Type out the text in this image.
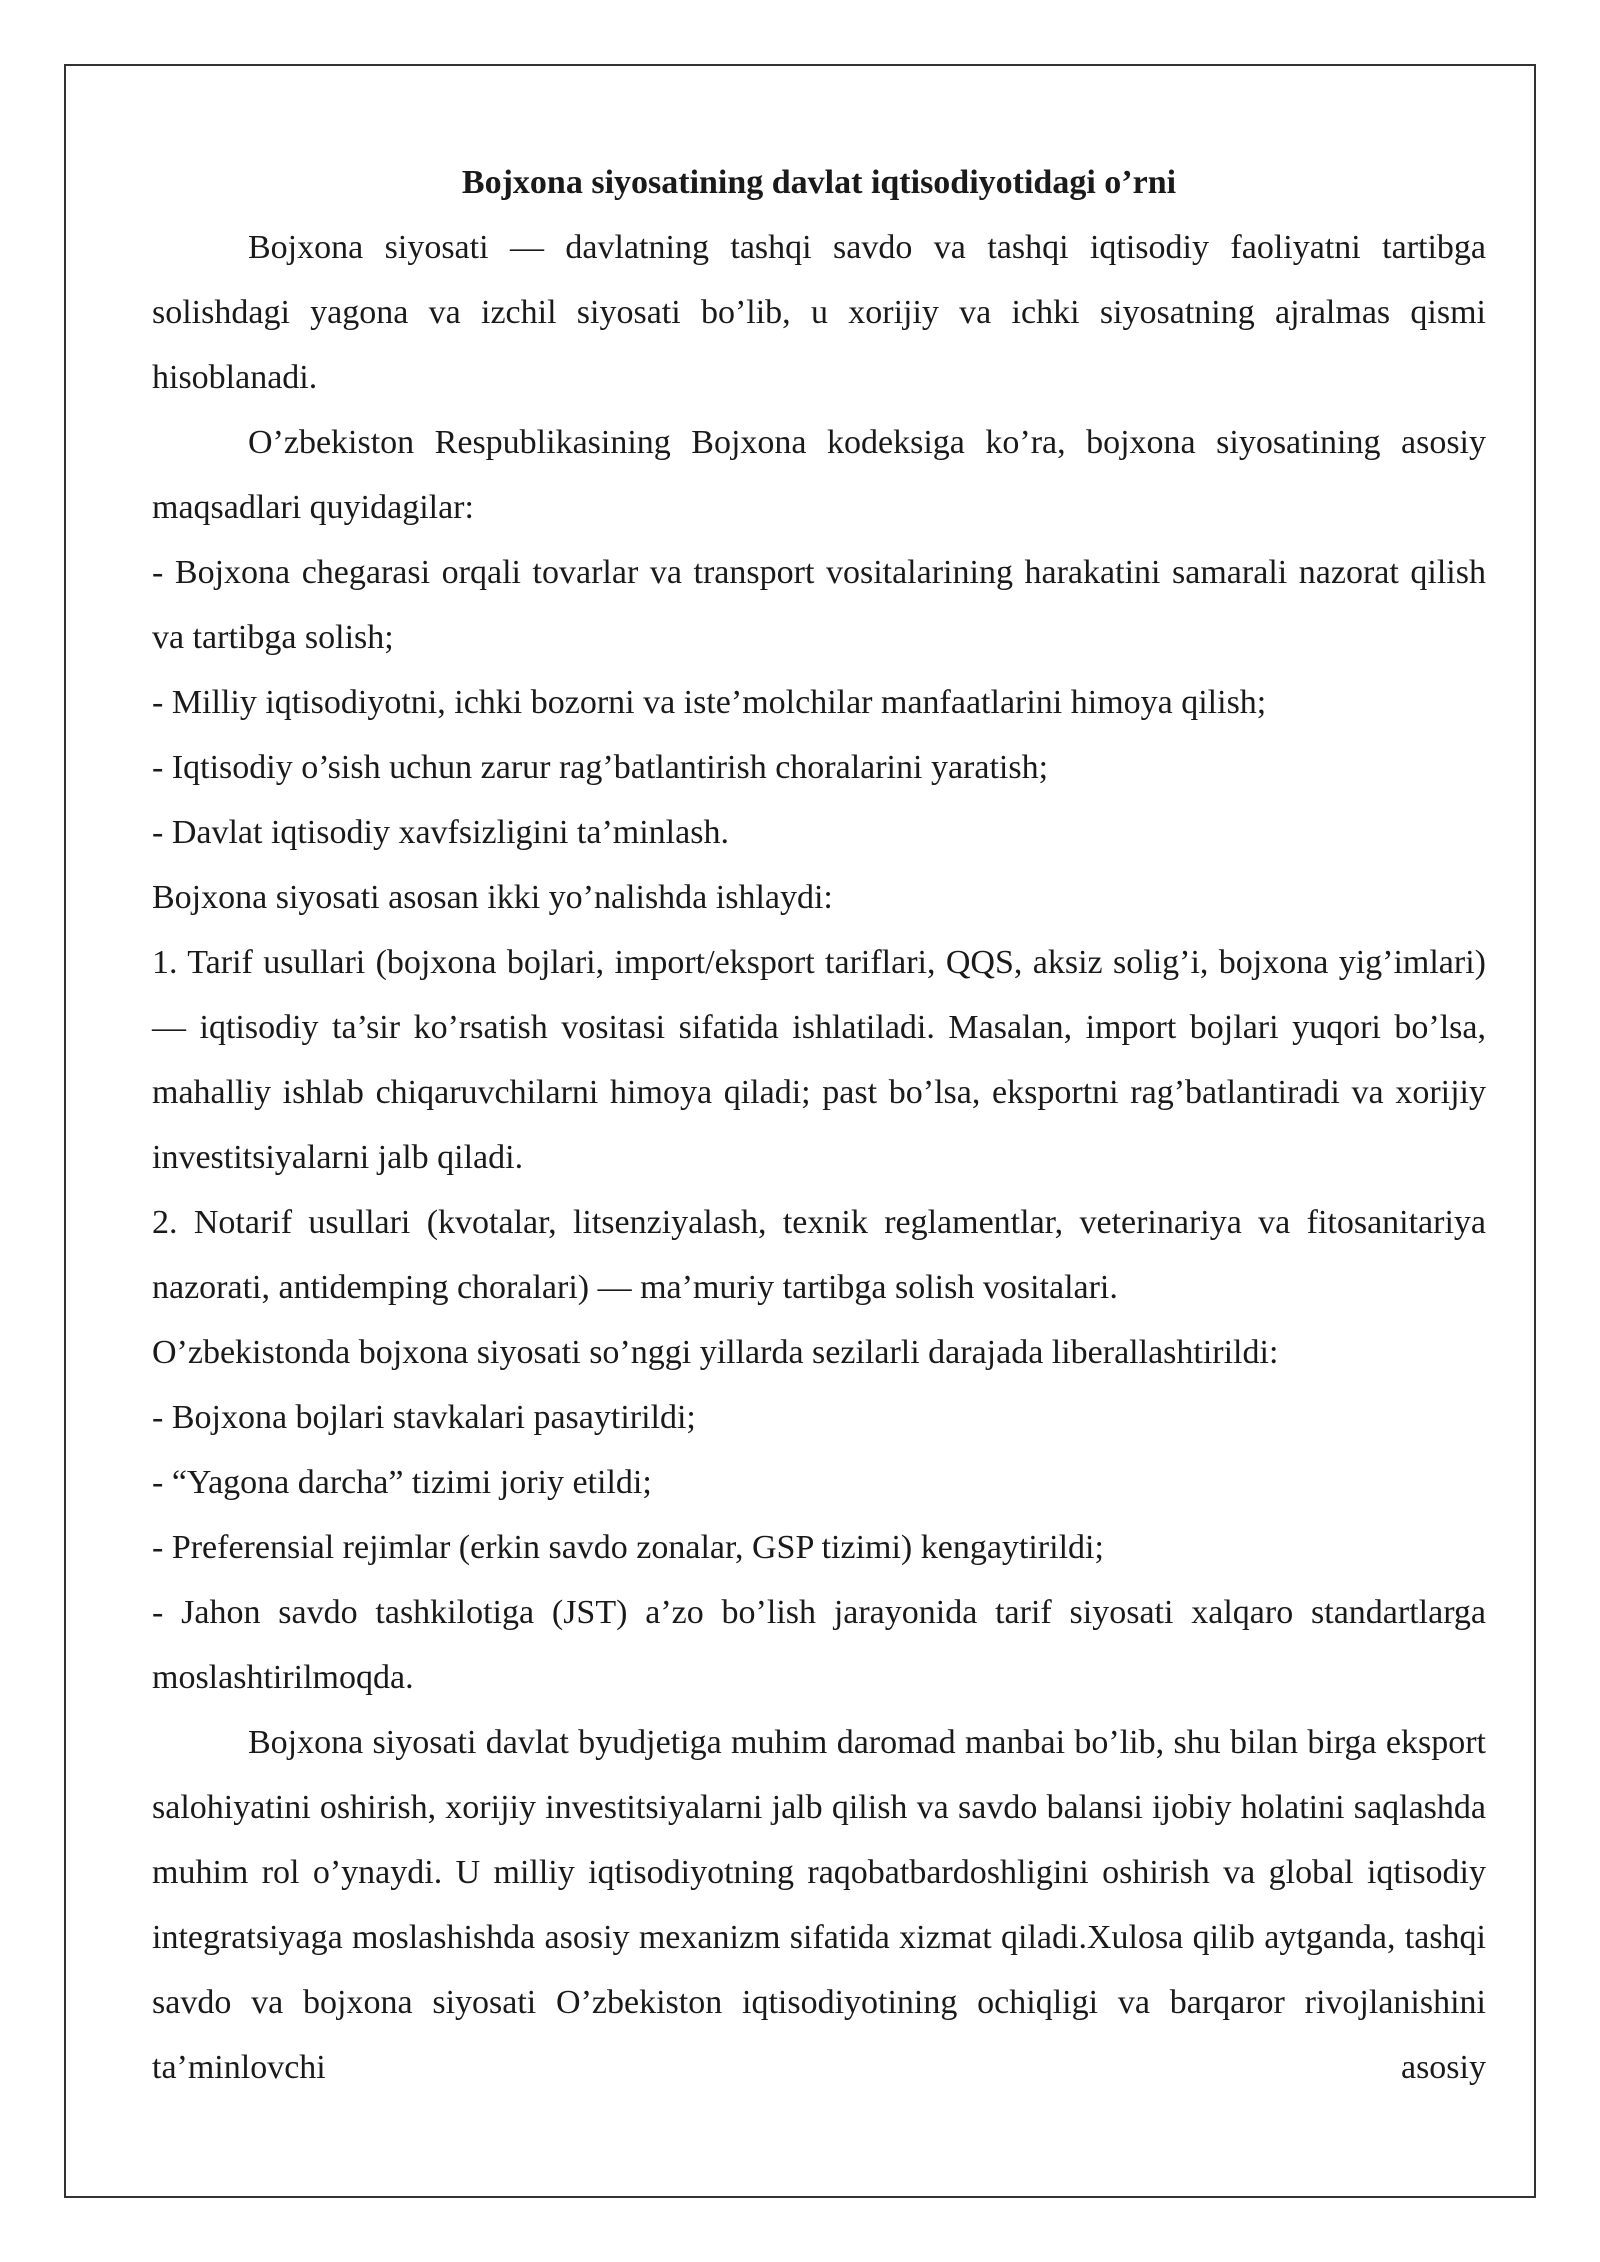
Bojxona siyosatining davlat iqtisodiyotidagi o’rni

Bojxona siyosati — davlatning tashqi savdo va tashqi iqtisodiy faoliyatni tartibga solishdagi yagona va izchil siyosati bo’lib, u xorijiy va ichki siyosatning ajralmas qismi hisoblanadi.

O’zbekiston Respublikasining Bojxona kodeksiga ko’ra, bojxona siyosatining asosiy maqsadlari quyidagilar:

- Bojxona chegarasi orqali tovarlar va transport vositalarining harakatini samarali nazorat qilish va tartibga solish;

- Milliy iqtisodiyotni, ichki bozorni va iste’molchilar manfaatlarini himoya qilish;

- Iqtisodiy o’sish uchun zarur rag’batlantirish choralarini yaratish;

- Davlat iqtisodiy xavfsizligini ta’minlash.

Bojxona siyosati asosan ikki yo’nalishda ishlaydi:

1. Tarif usullari (bojxona bojlari, import/eksport tariflari, QQS, aksiz solig’i, bojxona yig’imlari) — iqtisodiy ta’sir ko’rsatish vositasi sifatida ishlatiladi. Masalan, import bojlari yuqori bo’lsa, mahalliy ishlab chiqaruvchilarni himoya qiladi; past bo’lsa, eksportni rag’batlantiradi va xorijiy investitsiyalarni jalb qiladi.

2. Notarif usullari (kvotalar, litsenziyalash, texnik reglamentlar, veterinariya va fitosanitariya nazorati, antidemping choralari) — ma’muriy tartibga solish vositalari.

O’zbekistonda bojxona siyosati so’nggi yillarda sezilarli darajada liberallashtirildi:

- Bojxona bojlari stavkalari pasaytirildi;

- “Yagona darcha” tizimi joriy etildi;

- Preferensial rejimlar (erkin savdo zonalar, GSP tizimi) kengaytirildi;

- Jahon savdo tashkilotiga (JST) a’zo bo’lish jarayonida tarif siyosati xalqaro standartlarga moslashtirilmoqda.

Bojxona siyosati davlat byudjetiga muhim daromad manbai bo’lib, shu bilan birga eksport salohiyatini oshirish, xorijiy investitsiyalarni jalb qilish va savdo balansi ijobiy holatini saqlashda muhim rol o’ynaydi. U milliy iqtisodiyotning raqobatbardoshligini oshirish va global iqtisodiy integratsiyaga moslashishda asosiy mexanizm sifatida xizmat qiladi.Xulosa qilib aytganda, tashqi savdo va bojxona siyosati O’zbekiston iqtisodiyotining ochiqligi va barqaror rivojlanishini ta’minlovchi asosiy
